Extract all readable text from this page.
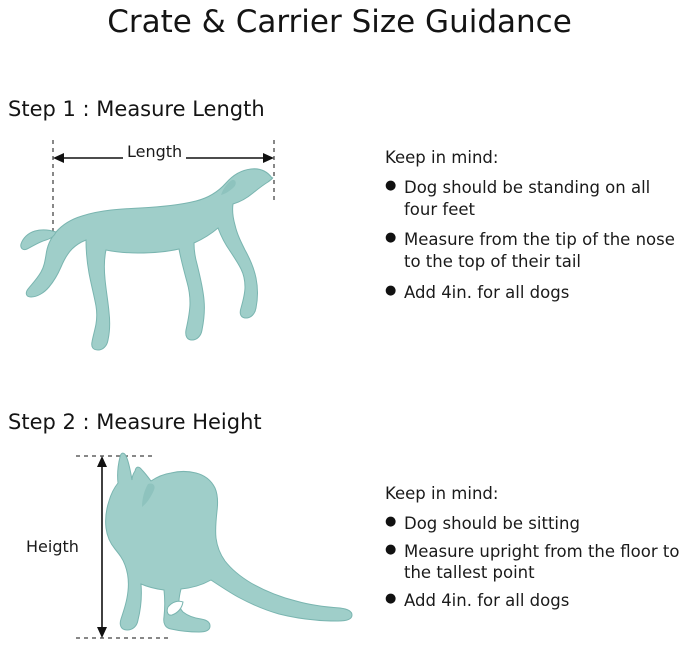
Crate & Carrier Size Guidance
Step 1 : Measure Length
Length	Keep in mind:

● Dog should be standing on all four feet
● Measure from the tip of the nose to the top of their tail
● Add 4in. for all dogs
Step 2 : Measure Height
Heigth

Keep in mind:

● Dog should be sitting
● Measure upright from the floor to the tallest point
● Add 4in. for all dogs
